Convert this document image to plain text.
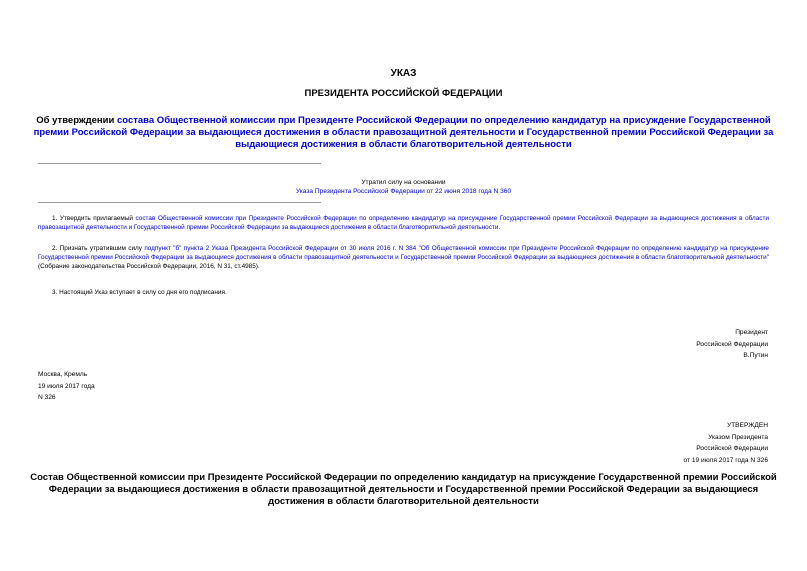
УКАЗ
ПРЕЗИДЕНТА РОССИЙСКОЙ ФЕДЕРАЦИИ
Об утверждении состава Общественной комиссии при Президенте Российской Федерации по определению кандидатур на присуждение Государственной премии Российской Федерации за выдающиеся достижения в области правозащитной деятельности и Государственной премии Российской Федерации за выдающиеся достижения в области благотворительной деятельности
Утратил силу на основании
Указа Президента Российской Федерации от 22 июня 2018 года N 360
1. Утвердить прилагаемый состав Общественной комиссии при Президенте Российской Федерации по определению кандидатур на присуждение Государственной премии Российской Федерации за выдающиеся достижения в области правозащитной деятельности и Государственной премии Российской Федерации за выдающиеся достижения в области благотворительной деятельности.
2. Признать утратившим силу подпункт "б" пункта 2 Указа Президента Российской Федерации от 30 июля 2016 г. N 384 "Об Общественной комиссии при Президенте Российской Федерации по определению кандидатур на присуждение Государственной премии Российской Федерации за выдающиеся достижения в области правозащитной деятельности и Государственной премии Российской Федерации за выдающиеся достижения в области благотворительной деятельности" (Собрание законодательства Российской Федерации, 2016, N 31, ст.4985).
3. Настоящий Указ вступает в силу со дня его подписания.
Президент
Российской Федерации
В.Путин
Москва, Кремль
19 июля 2017 года
N 326
УТВЕРЖДЕН
Указом Президента
Российской Федерации
от 19 июля 2017 года N 326
Состав Общественной комиссии при Президенте Российской Федерации по определению кандидатур на присуждение Государственной премии Российской Федерации за выдающиеся достижения в области правозащитной деятельности и Государственной премии Российской Федерации за выдающиеся достижения в области благотворительной деятельности
